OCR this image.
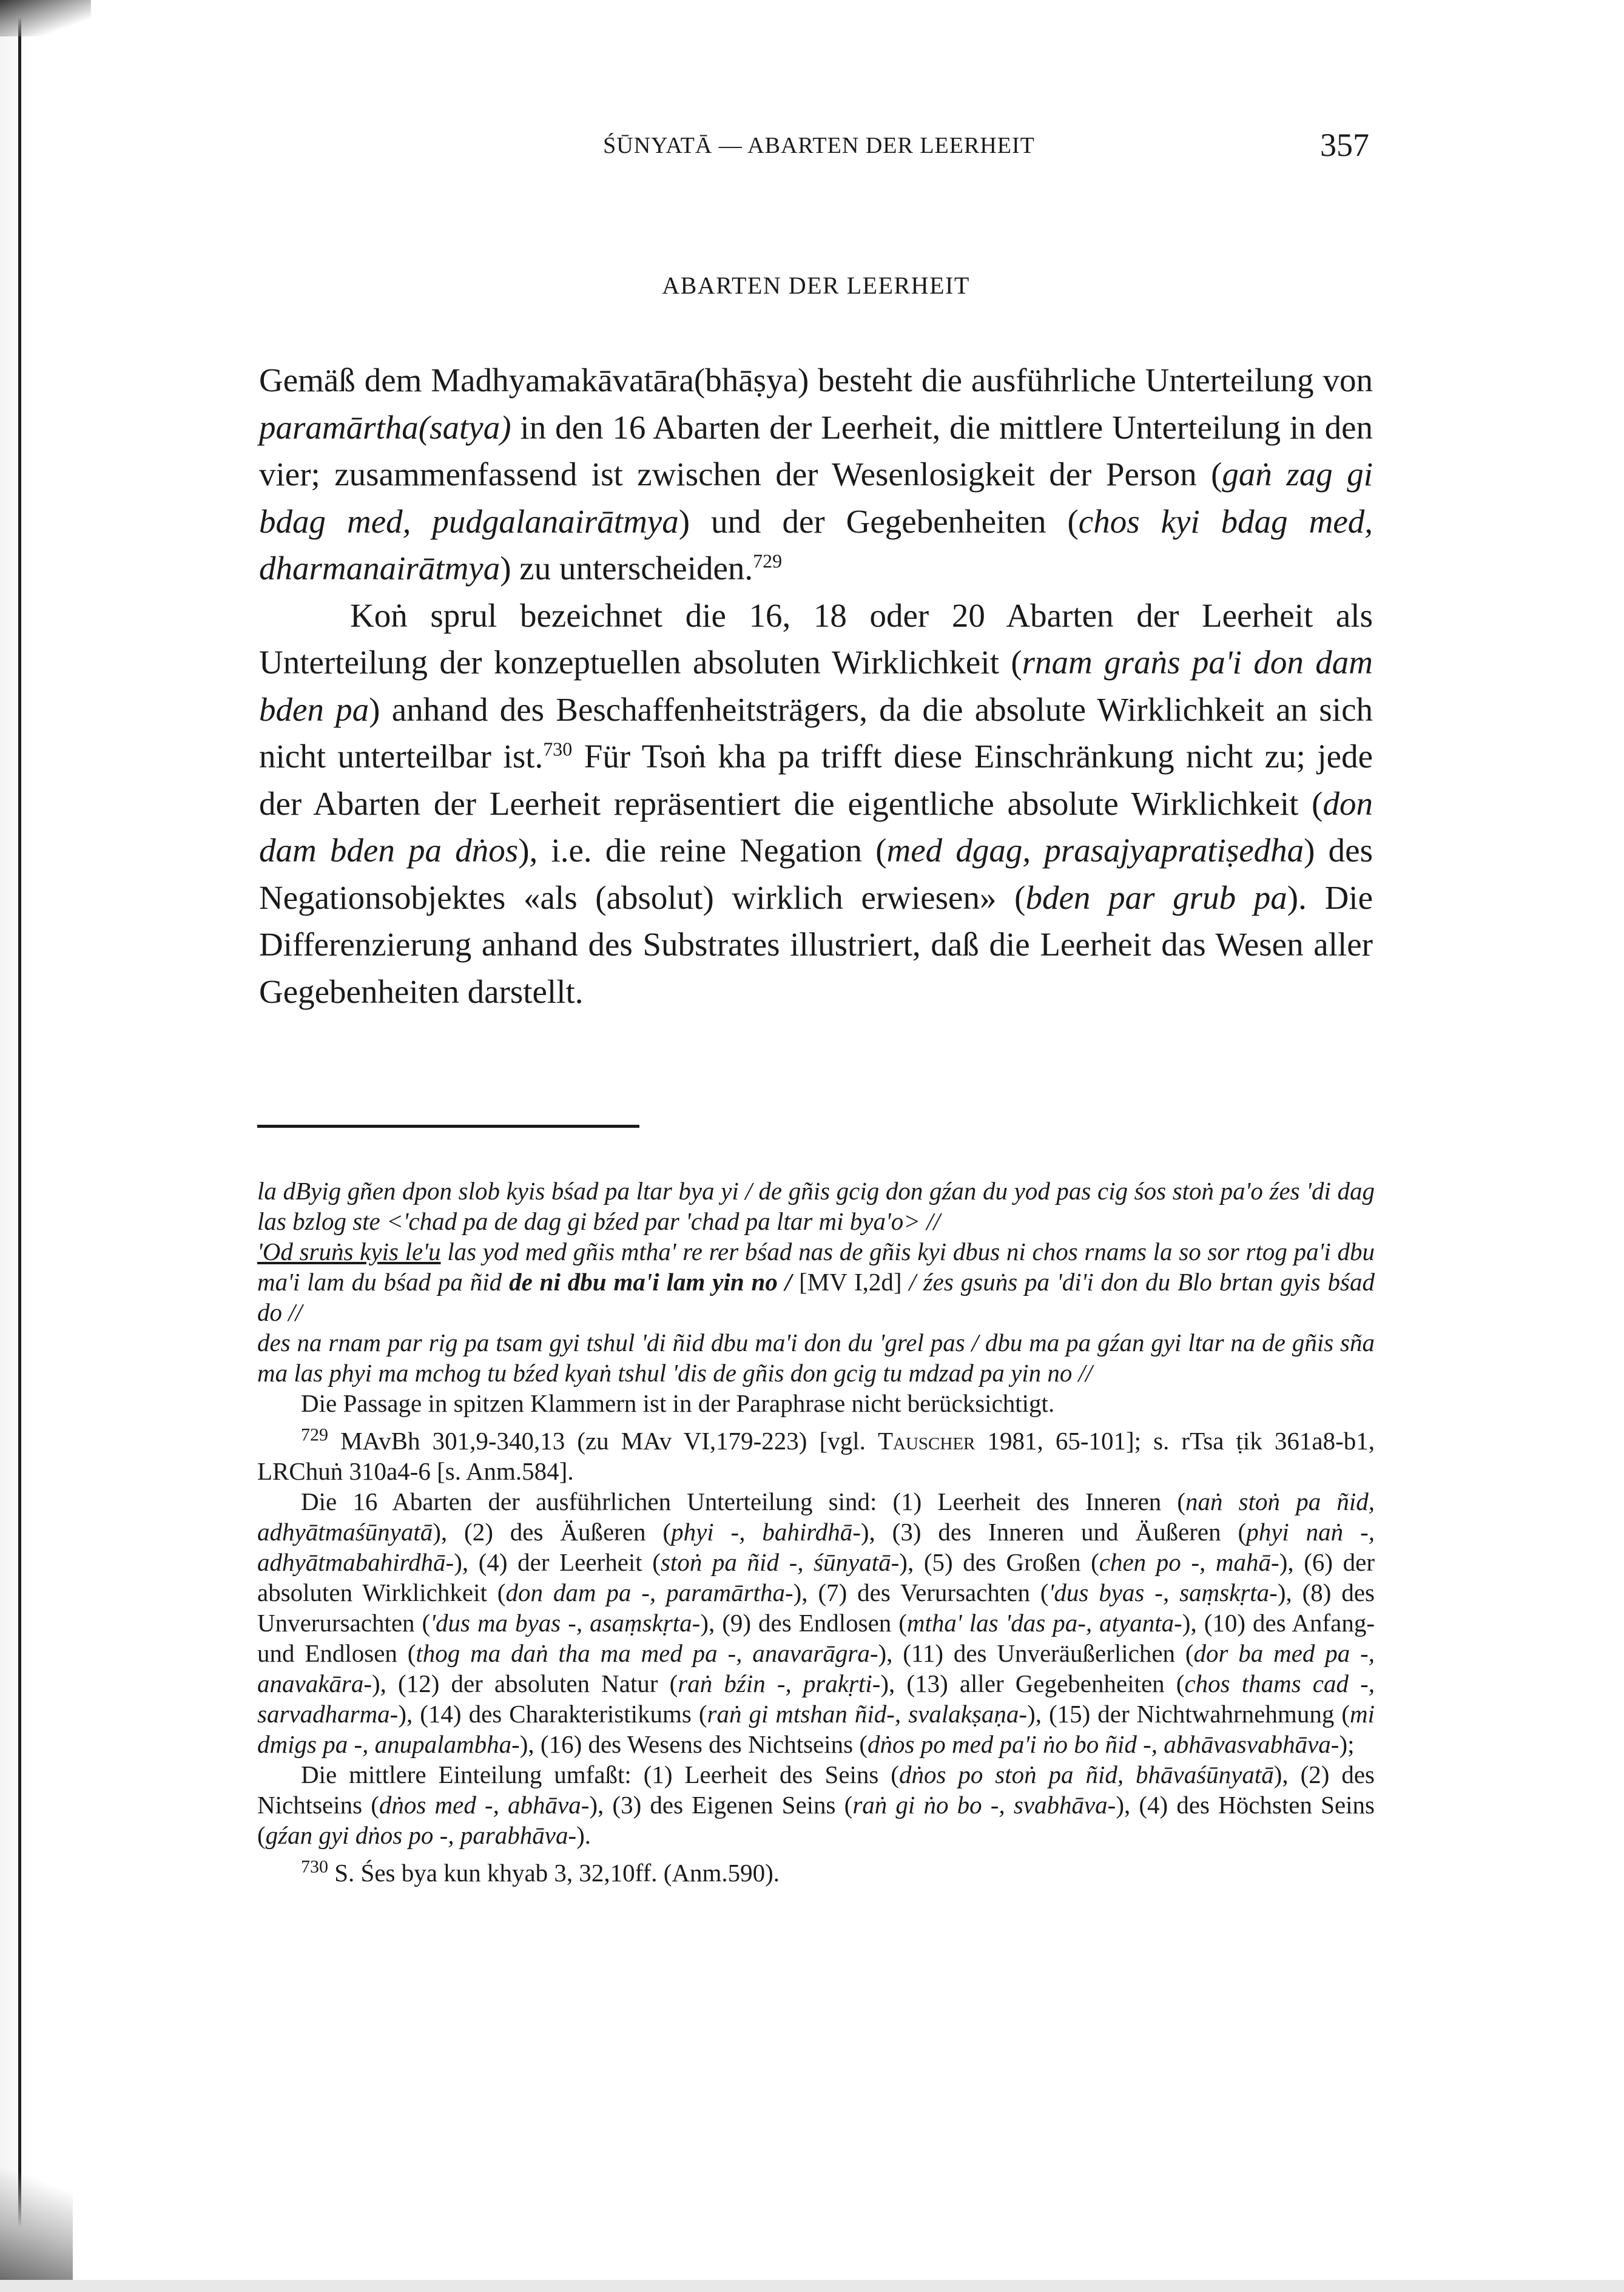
ŚŪNYATĀ — ABARTEN DER LEERHEIT	357
ABARTEN DER LEERHEIT

Gemäß dem Madhyamakāvatāra(bhāṣya) besteht die ausführliche Unterteilung von paramārtha(satya) in den 16 Abarten der Leerheit, die mittlere Unterteilung in den vier; zusammenfassend ist zwischen der Wesenlosigkeit der Person (gaṅ zag gi bdag med, pudgalanairātmya) und der Gegebenheiten (chos kyi bdag med, dharmanairātmya) zu unterscheiden.$^{729}$

Koṅ sprul bezeichnet die 16, 18 oder 20 Abarten der Leerheit als Unterteilung der konzeptuellen absoluten Wirklichkeit (rnam graṅs pa'i don dam bden pa) anhand des Beschaffenheitsträgers, da die absolute Wirklichkeit an sich nicht unterteilbar ist.$^{730}$ Für Tsoṅ kha pa trifft diese Einschränkung nicht zu; jede der Abarten der Leerheit repräsentiert die eigentliche absolute Wirklichkeit (don dam bden pa dṅos), i.e. die reine Negation (med dgag, prasajyapratiṣedha) des Negationsobjektes «als (absolut) wirklich erwiesen» (bden par grub pa). Die Differenzierung anhand des Substrates illustriert, daß die Leerheit das Wesen aller Gegebenheiten darstellt.

la dByig gñen dpon slob kyis bśad pa ltar bya yi / de gñis gcig don gźan du yod pas cig śos stoṅ pa'o źes 'di dag las bzlog ste <'chad pa de dag gi bźed par 'chad pa ltar mi bya'o> //

'Od sruṅs kyis le'u las yod med gñis mtha' re rer bśad nas de gñis kyi dbus ni chos rnams la so sor rtog pa'i dbu ma'i lam du bśad pa ñid de ni dbu ma'i lam yin no / [MV I,2d] / źes gsuṅs pa 'di'i don du Blo brtan gyis bśad do //

des na rnam par rig pa tsam gyi tshul 'di ñid dbu ma'i don du 'grel pas / dbu ma pa gźan gyi ltar na de gñis sña ma las phyi ma mchog tu bźed kyaṅ tshul 'dis de gñis don gcig tu mdzad pa yin no //

Die Passage in spitzen Klammern ist in der Paraphrase nicht berücksichtigt.

$^{729}$ MAvBh 301,9-340,13 (zu MAv VI,179-223) [vgl. Tauscher 1981, 65-101]; s. rTsa ṭik 361a8-b1, LRChuṅ 310a4-6 [s. Anm.584].

Die 16 Abarten der ausführlichen Unterteilung sind: (1) Leerheit des Inneren (naṅ stoṅ pa ñid, adhyātmaśūnyatā), (2) des Äußeren (phyi -, bahirdhā-), (3) des Inneren und Äußeren (phyi naṅ -, adhyātmabahirdhā-), (4) der Leerheit (stoṅ pa ñid -, śūnyatā-), (5) des Großen (chen po -, mahā-), (6) der absoluten Wirklichkeit (don dam pa -, paramārtha-), (7) des Verursachten ('dus byas -, saṃskṛta-), (8) des Unverursachten ('dus ma byas -, asaṃskṛta-), (9) des Endlosen (mtha' las 'das pa-, atyanta-), (10) des Anfang- und Endlosen (thog ma daṅ tha ma med pa -, anavarāgra-), (11) des Unveräußerlichen (dor ba med pa -, anavakāra-), (12) der absoluten Natur (raṅ bźin -, prakṛti-), (13) aller Gegebenheiten (chos thams cad -, sarvadharma-), (14) des Charakteristikums (raṅ gi mtshan ñid-, svalakṣaṇa-), (15) der Nichtwahrnehmung (mi dmigs pa -, anupalambha-), (16) des Wesens des Nichtseins (dṅos po med pa'i ṅo bo ñid -, abhāvasvabhāva-);

Die mittlere Einteilung umfaßt: (1) Leerheit des Seins (dṅos po stoṅ pa ñid, bhāvaśūnyatā), (2) des Nichtseins (dṅos med -, abhāva-), (3) des Eigenen Seins (raṅ gi ṅo bo -, svabhāva-), (4) des Höchsten Seins (gźan gyi dṅos po -, parabhāva-).

$^{730}$ S. Śes bya kun khyab 3, 32,10ff. (Anm.590).
